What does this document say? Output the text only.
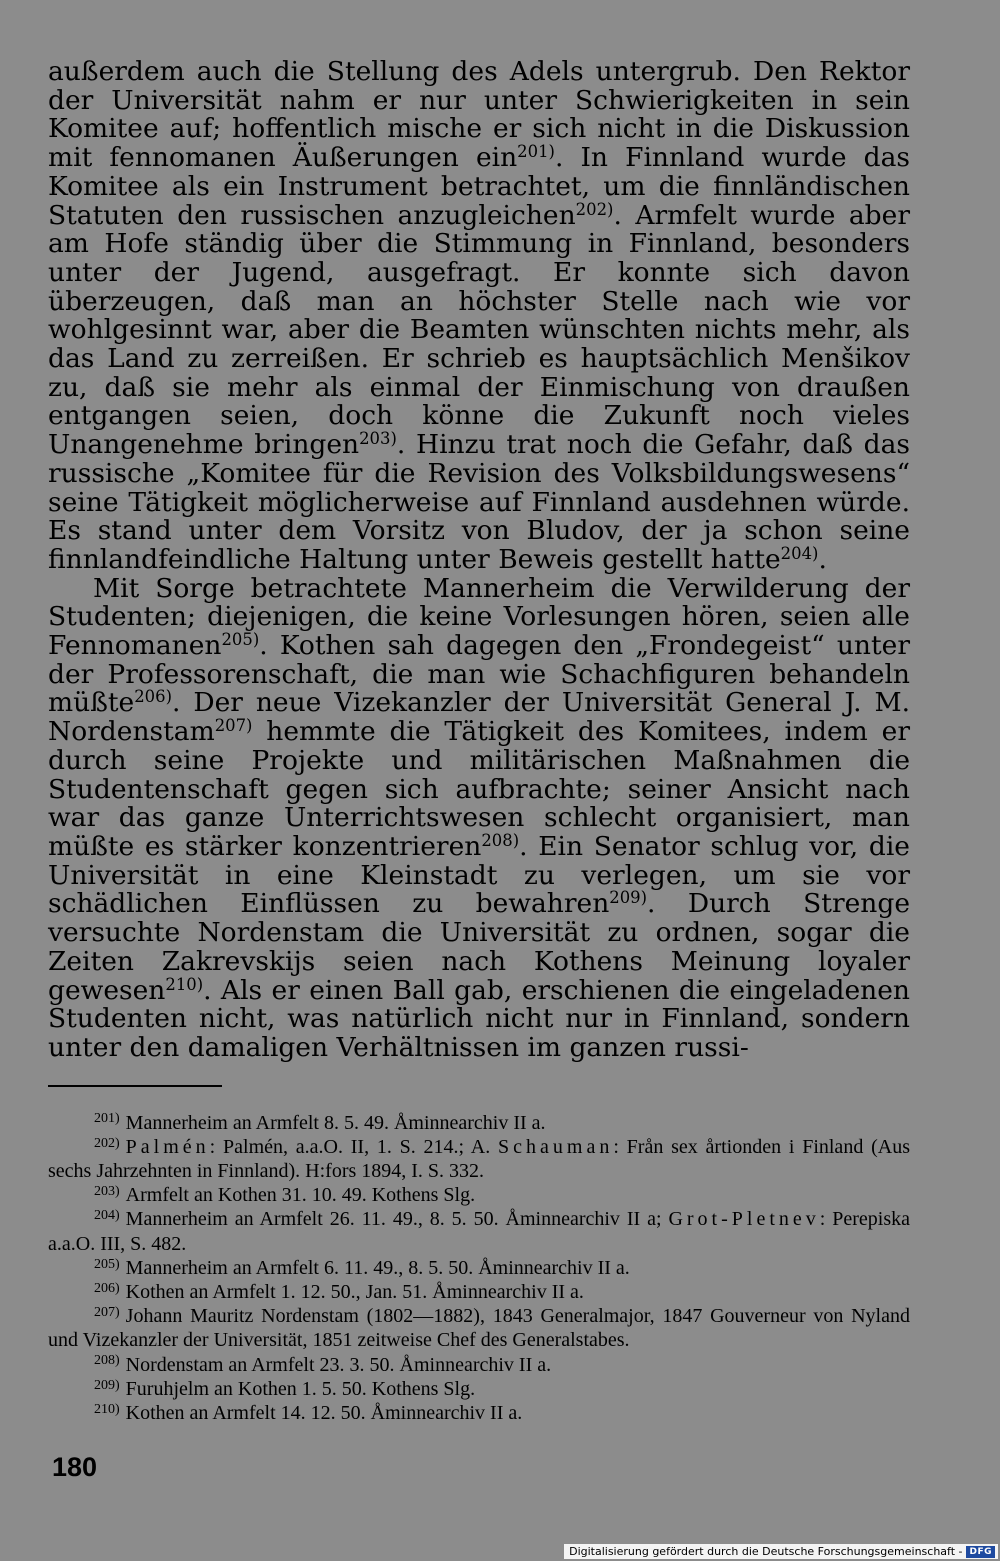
außerdem auch die Stellung des Adels untergrub. Den Rektor der Universität nahm er nur unter Schwierigkeiten in sein Komitee auf; hoffentlich mische er sich nicht in die Diskussion mit fennomanen Äußerungen ein$^{201)}$. In Finnland wurde das Komitee als ein Instrument betrachtet, um die finnländischen Statuten den russischen anzugleichen$^{202)}$. Armfelt wurde aber am Hofe ständig über die Stimmung in Finnland, besonders unter der Jugend, ausgefragt. Er konnte sich davon überzeugen, daß man an höchster Stelle nach wie vor wohlgesinnt war, aber die Beamten wünschten nichts mehr, als das Land zu zerreißen. Er schrieb es hauptsächlich Menšikov zu, daß sie mehr als einmal der Einmischung von draußen entgangen seien, doch könne die Zukunft noch vieles Unangenehme bringen$^{203)}$. Hinzu trat noch die Gefahr, daß das russische „Komitee für die Revision des Volksbildungswesens“ seine Tätigkeit möglicherweise auf Finnland ausdehnen würde. Es stand unter dem Vorsitz von Bludov, der ja schon seine finnlandfeindliche Haltung unter Beweis gestellt hatte$^{204)}$.

Mit Sorge betrachtete Mannerheim die Verwilderung der Studenten; diejenigen, die keine Vorlesungen hören, seien alle Fennomanen$^{205)}$. Kothen sah dagegen den „Frondegeist“ unter der Professorenschaft, die man wie Schachfiguren behandeln müßte$^{206)}$. Der neue Vizekanzler der Universität General J. M. Nordenstam$^{207)}$ hemmte die Tätigkeit des Komitees, indem er durch seine Projekte und militärischen Maßnahmen die Studentenschaft gegen sich aufbrachte; seiner Ansicht nach war das ganze Unterrichtswesen schlecht organisiert, man müßte es stärker konzentrieren$^{208)}$. Ein Senator schlug vor, die Universität in eine Kleinstadt zu verlegen, um sie vor schädlichen Einflüssen zu bewahren$^{209)}$. Durch Strenge versuchte Nordenstam die Universität zu ordnen, sogar die Zeiten Zakrevskijs seien nach Kothens Meinung loyaler gewesen$^{210)}$. Als er einen Ball gab, erschienen die eingeladenen Studenten nicht, was natürlich nicht nur in Finnland, sondern unter den damaligen Verhältnissen im ganzen russi-

$^{201)}$ Mannerheim an Armfelt 8. 5. 49. Åminnearchiv II a.

$^{202)}$ Palmén: Palmén, a.a.O. II, 1. S. 214.; A. Schauman: Från sex årtionden i Finland (Aus sechs Jahrzehnten in Finnland). H:fors 1894, I. S. 332.

$^{203)}$ Armfelt an Kothen 31. 10. 49. Kothens Slg.

$^{204)}$ Mannerheim an Armfelt 26. 11. 49., 8. 5. 50. Åminnearchiv II a; Grot-Pletnev: Perepiska a.a.O. III, S. 482.

$^{205)}$ Mannerheim an Armfelt 6. 11. 49., 8. 5. 50. Åminnearchiv II a.

$^{206)}$ Kothen an Armfelt 1. 12. 50., Jan. 51. Åminnearchiv II a.

$^{207)}$ Johann Mauritz Nordenstam (1802—1882), 1843 Generalmajor, 1847 Gouverneur von Nyland und Vizekanzler der Universität, 1851 zeitweise Chef des Generalstabes.

$^{208)}$ Nordenstam an Armfelt 23. 3. 50. Åminnearchiv II a.

$^{209)}$ Furuhjelm an Kothen 1. 5. 50. Kothens Slg.

$^{210)}$ Kothen an Armfelt 14. 12. 50. Åminnearchiv II a.

180
Digitalisierung gefördert durch die Deutsche Forschungsgemeinschaft - DFG
